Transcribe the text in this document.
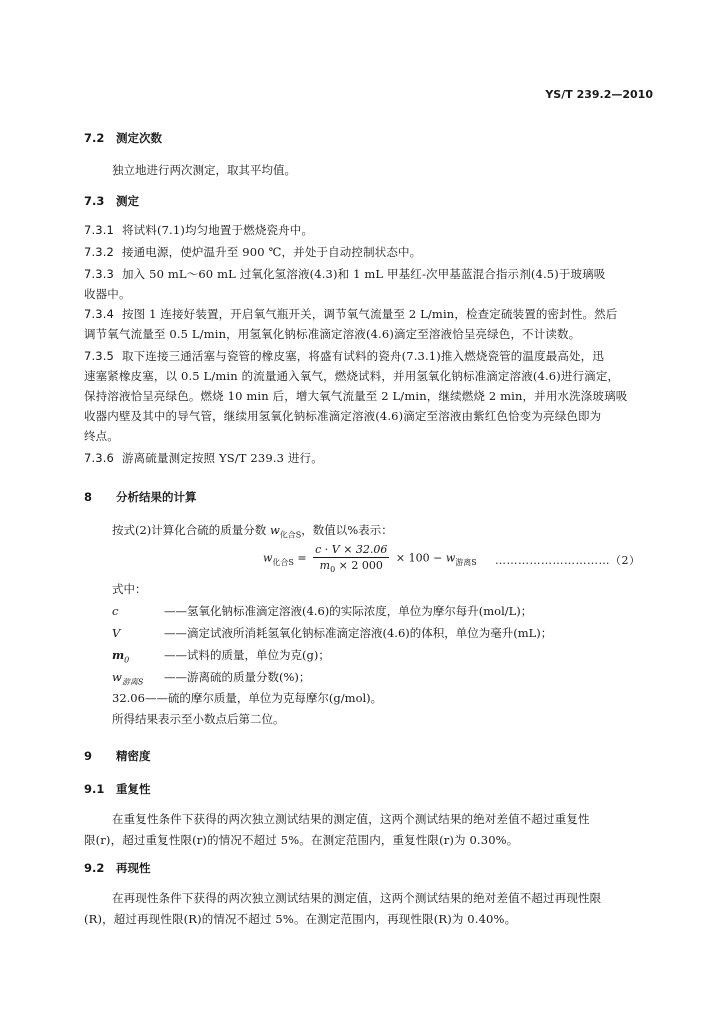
YS/T 239.2—2010
7.2 测定次数
独立地进行两次测定，取其平均值。
7.3 测定
7.3.1 将试料(7.1)均匀地置于燃烧瓷舟中。
7.3.2 接通电源，使炉温升至 900 ℃，并处于自动控制状态中。
7.3.3 加入 50 mL～60 mL 过氧化氢溶液(4.3)和 1 mL 甲基红-次甲基蓝混合指示剂(4.5)于玻璃吸
收器中。
7.3.4 按图 1 连接好装置，开启氧气瓶开关，调节氧气流量至 2 L/min，检查定硫装置的密封性。然后
调节氧气流量至 0.5 L/min，用氢氧化钠标准滴定溶液(4.6)滴定至溶液恰呈亮绿色，不计读数。
7.3.5 取下连接三通活塞与瓷管的橡皮塞，将盛有试料的瓷舟(7.3.1)推入燃烧瓷管的温度最高处，迅
速塞紧橡皮塞，以 0.5 L/min 的流量通入氧气，燃烧试料，并用氢氧化钠标准滴定溶液(4.6)进行滴定，
保持溶液恰呈亮绿色。燃烧 10 min 后，增大氧气流量至 2 L/min，继续燃烧 2 min，并用水洗涤玻璃吸
收器内壁及其中的导气管，继续用氢氧化钠标准滴定溶液(4.6)滴定至溶液由紫红色恰变为亮绿色即为
终点。
7.3.6 游离硫量测定按照 YS/T 239.3 进行。
8 分析结果的计算
按式(2)计算化合硫的质量分数 $w_{化合S}$，数值以%表示：
$w_{化合S} = \frac{c \cdot V \times 32.06}{m_0 \times 2 000} \times 100 - w_{游离S}$ …………………………（2）
式中：
c	——氢氧化钠标准滴定溶液(4.6)的实际浓度，单位为摩尔每升(mol/L)；
V	——滴定试液所消耗氢氧化钠标准滴定溶液(4.6)的体积，单位为毫升(mL)；
$m_0$	——试料的质量，单位为克(g)；
$w_{游离S}$ ——游离硫的质量分数(%)；
32.06——硫的摩尔质量，单位为克每摩尔(g/mol)。
所得结果表示至小数点后第二位。
9 精密度
9.1 重复性
在重复性条件下获得的两次独立测试结果的测定值，这两个测试结果的绝对差值不超过重复性
限(r)，超过重复性限(r)的情况不超过 5%。在测定范围内，重复性限(r)为 0.30%。
9.2 再现性
在再现性条件下获得的两次独立测试结果的测定值，这两个测试结果的绝对差值不超过再现性限
(R)，超过再现性限(R)的情况不超过 5%。在测定范围内，再现性限(R)为 0.40%。
